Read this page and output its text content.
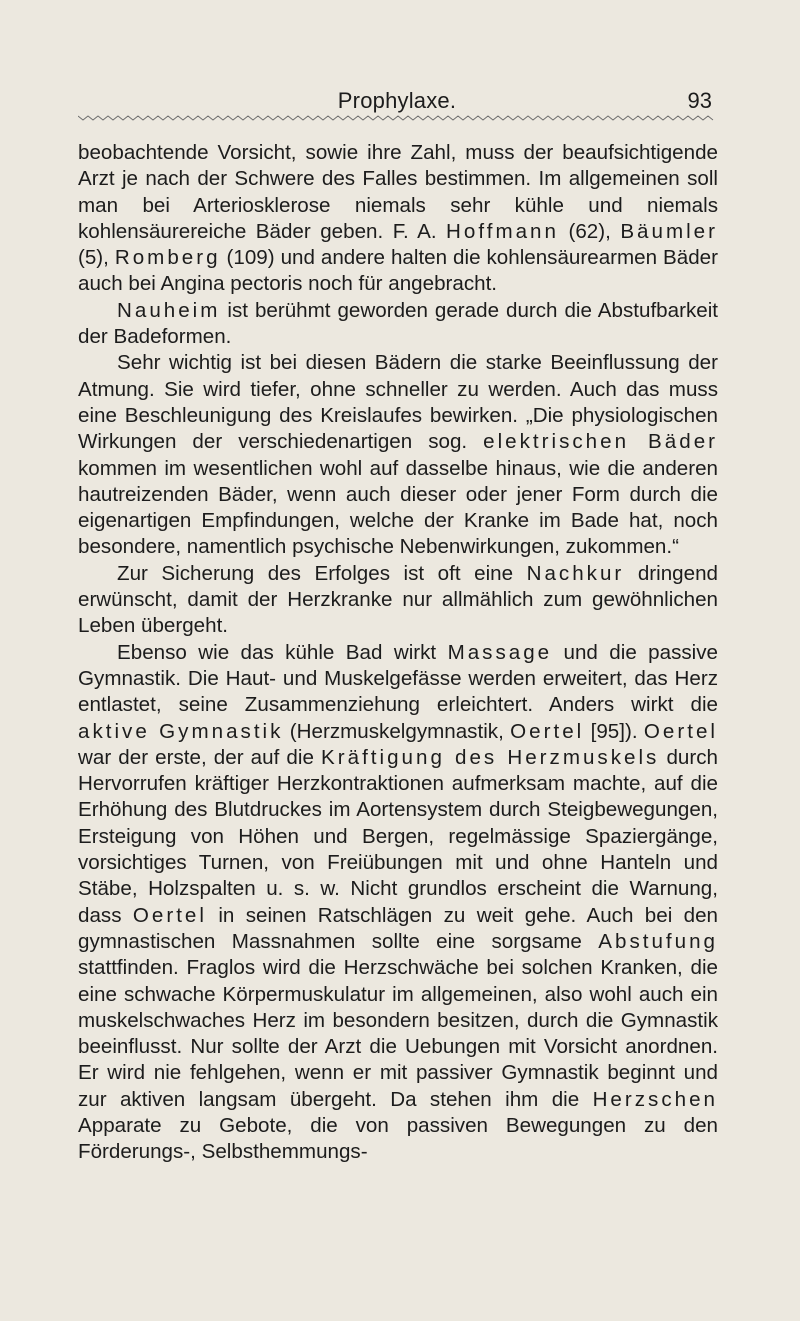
Prophylaxe.	93

beobachtende Vorsicht, sowie ihre Zahl, muss der beaufsichtigende Arzt je nach der Schwere des Falles bestimmen. Im allgemeinen soll man bei Arteriosklerose niemals sehr kühle und niemals kohlensäurereiche Bäder geben. F. A. Hoffmann (62), Bäumler (5), Romberg (109) und andere halten die kohlensäurearmen Bäder auch bei Angina pectoris noch für angebracht.

Nauheim ist berühmt geworden gerade durch die Abstufbarkeit der Badeformen.

Sehr wichtig ist bei diesen Bädern die starke Beeinflussung der Atmung. Sie wird tiefer, ohne schneller zu werden. Auch das muss eine Beschleunigung des Kreislaufes bewirken. „Die physiologischen Wirkungen der verschiedenartigen sog. elektrischen Bäder kommen im wesentlichen wohl auf dasselbe hinaus, wie die anderen hautreizenden Bäder, wenn auch dieser oder jener Form durch die eigenartigen Empfindungen, welche der Kranke im Bade hat, noch besondere, namentlich psychische Nebenwirkungen, zukommen.“

Zur Sicherung des Erfolges ist oft eine Nachkur dringend erwünscht, damit der Herzkranke nur allmählich zum gewöhnlichen Leben übergeht.

Ebenso wie das kühle Bad wirkt Massage und die passive Gymnastik. Die Haut- und Muskelgefässe werden erweitert, das Herz entlastet, seine Zusammenziehung erleichtert. Anders wirkt die aktive Gymnastik (Herzmuskelgymnastik, Oertel [95]). Oertel war der erste, der auf die Kräftigung des Herzmuskels durch Hervorrufen kräftiger Herzkontraktionen aufmerksam machte, auf die Erhöhung des Blutdruckes im Aortensystem durch Steigbewegungen, Ersteigung von Höhen und Bergen, regelmässige Spaziergänge, vorsichtiges Turnen, von Freiübungen mit und ohne Hanteln und Stäbe, Holzspalten u. s. w. Nicht grundlos erscheint die Warnung, dass Oertel in seinen Ratschlägen zu weit gehe. Auch bei den gymnastischen Massnahmen sollte eine sorgsame Abstufung stattfinden. Fraglos wird die Herzschwäche bei solchen Kranken, die eine schwache Körpermuskulatur im allgemeinen, also wohl auch ein muskelschwaches Herz im besondern besitzen, durch die Gymnastik beeinflusst. Nur sollte der Arzt die Uebungen mit Vorsicht anordnen. Er wird nie fehlgehen, wenn er mit passiver Gymnastik beginnt und zur aktiven langsam übergeht. Da stehen ihm die Herzschen Apparate zu Gebote, die von passiven Bewegungen zu den Förderungs-, Selbsthemmungs-
